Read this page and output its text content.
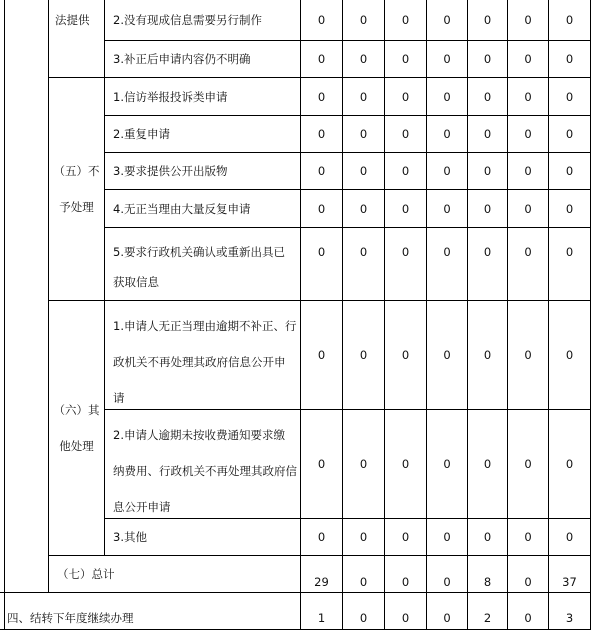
法提供	2.没有现成信息需要另行制作	0	0	0	0	0	0	0
3.补正后申请内容仍不明确	0	0	0	0	0	0	0
（五）不
予处理
1.信访举报投诉类申请	0	0	0	0	0	0	0
2.重复申请	0	0	0	0	0	0	0
3.要求提供公开出版物	0	0	0	0	0	0	0
4.无正当理由大量反复申请	0	0	0	0	0	0	0
5.要求行政机关确认或重新出具已
获取信息
0	0	0	0	0	0	0
（六）其
他处理
1.申请人无正当理由逾期不补正、行
政机关不再处理其政府信息公开申
请
0	0	0	0	0	0	0
2.申请人逾期未按收费通知要求缴
纳费用、行政机关不再处理其政府信
息公开申请
0	0	0	0	0	0	0
3.其他	0	0	0	0	0	0	0
（七）总计
29	0	0	0	8	0	37
四、结转下年度继续办理	1	0	0	0	2	0	3
